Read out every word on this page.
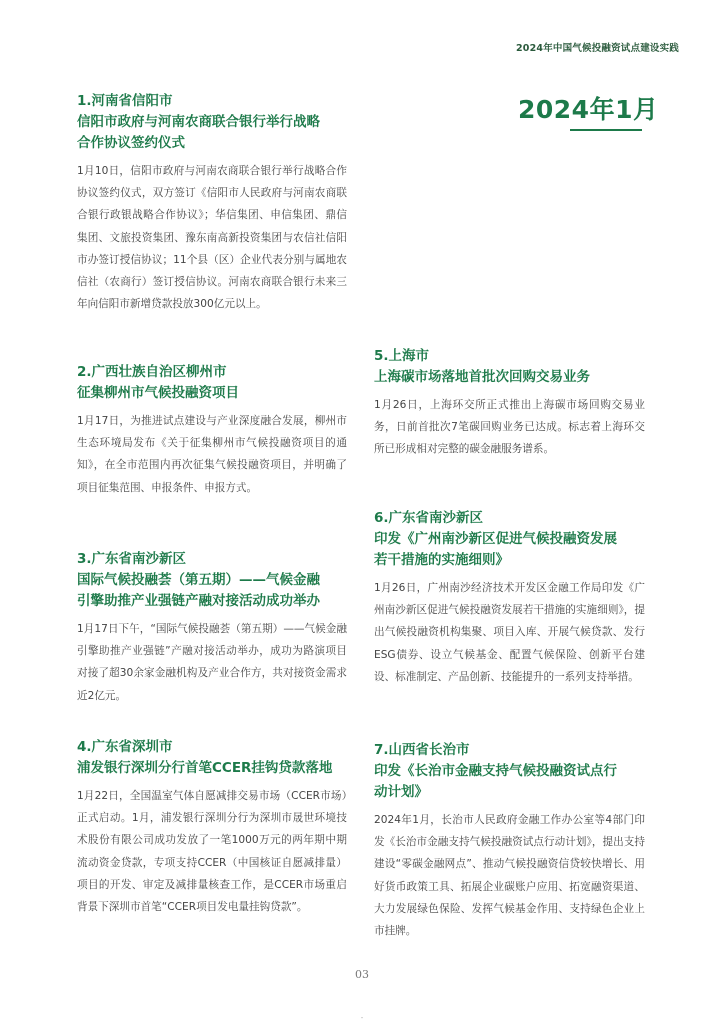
2024年中国气候投融资试点建设实践
2024年1月
1.河南省信阳市
信阳市政府与河南农商联合银行举行战略
合作协议签约仪式
1月10日，信阳市政府与河南农商联合银行举行战略合作协议签约仪式，双方签订《信阳市人民政府与河南农商联合银行政银战略合作协议》；华信集团、申信集团、鼎信集团、文旅投资集团、豫东南高新投资集团与农信社信阳市办签订授信协议；11个县（区）企业代表分别与属地农信社（农商行）签订授信协议。河南农商联合银行未来三年向信阳市新增贷款投放300亿元以上。
2.广西壮族自治区柳州市
征集柳州市气候投融资项目
1月17日，为推进试点建设与产业深度融合发展，柳州市生态环境局发布《关于征集柳州市气候投融资项目的通知》，在全市范围内再次征集气候投融资项目，并明确了项目征集范围、申报条件、申报方式。
3.广东省南沙新区
国际气候投融荟（第五期）——气候金融
引擎助推产业强链产融对接活动成功举办
1月17日下午，“国际气候投融荟（第五期）——气候金融引擎助推产业强链”产融对接活动举办，成功为路演项目对接了超30余家金融机构及产业合作方，共对接资金需求近2亿元。
4.广东省深圳市
浦发银行深圳分行首笔CCER挂钩贷款落地
1月22日，全国温室气体自愿减排交易市场（CCER市场）正式启动。1月，浦发银行深圳分行为深圳市晟世环境技术股份有限公司成功发放了一笔1000万元的两年期中期流动资金贷款，专项支持CCER（中国核证自愿减排量）项目的开发、审定及减排量核查工作，是CCER市场重启背景下深圳市首笔“CCER项目发电量挂钩贷款”。
5.上海市
上海碳市场落地首批次回购交易业务
1月26日，上海环交所正式推出上海碳市场回购交易业务，日前首批次7笔碳回购业务已达成。标志着上海环交所已形成相对完整的碳金融服务谱系。
6.广东省南沙新区
印发《广州南沙新区促进气候投融资发展
若干措施的实施细则》
1月26日，广州南沙经济技术开发区金融工作局印发《广州南沙新区促进气候投融资发展若干措施的实施细则》，提出气候投融资机构集聚、项目入库、开展气候贷款、发行ESG债券、设立气候基金、配置气候保险、创新平台建设、标准制定、产品创新、技能提升的一系列支持举措。
7.山西省长治市
印发《长治市金融支持气候投融资试点行
动计划》
2024年1月，长治市人民政府金融工作办公室等4部门印发《长治市金融支持气候投融资试点行动计划》，提出支持建设“零碳金融网点”、推动气候投融资信贷较快增长、用好货币政策工具、拓展企业碳账户应用、拓宽融资渠道、大力发展绿色保险、发挥气候基金作用、支持绿色企业上市挂牌。
03
-
